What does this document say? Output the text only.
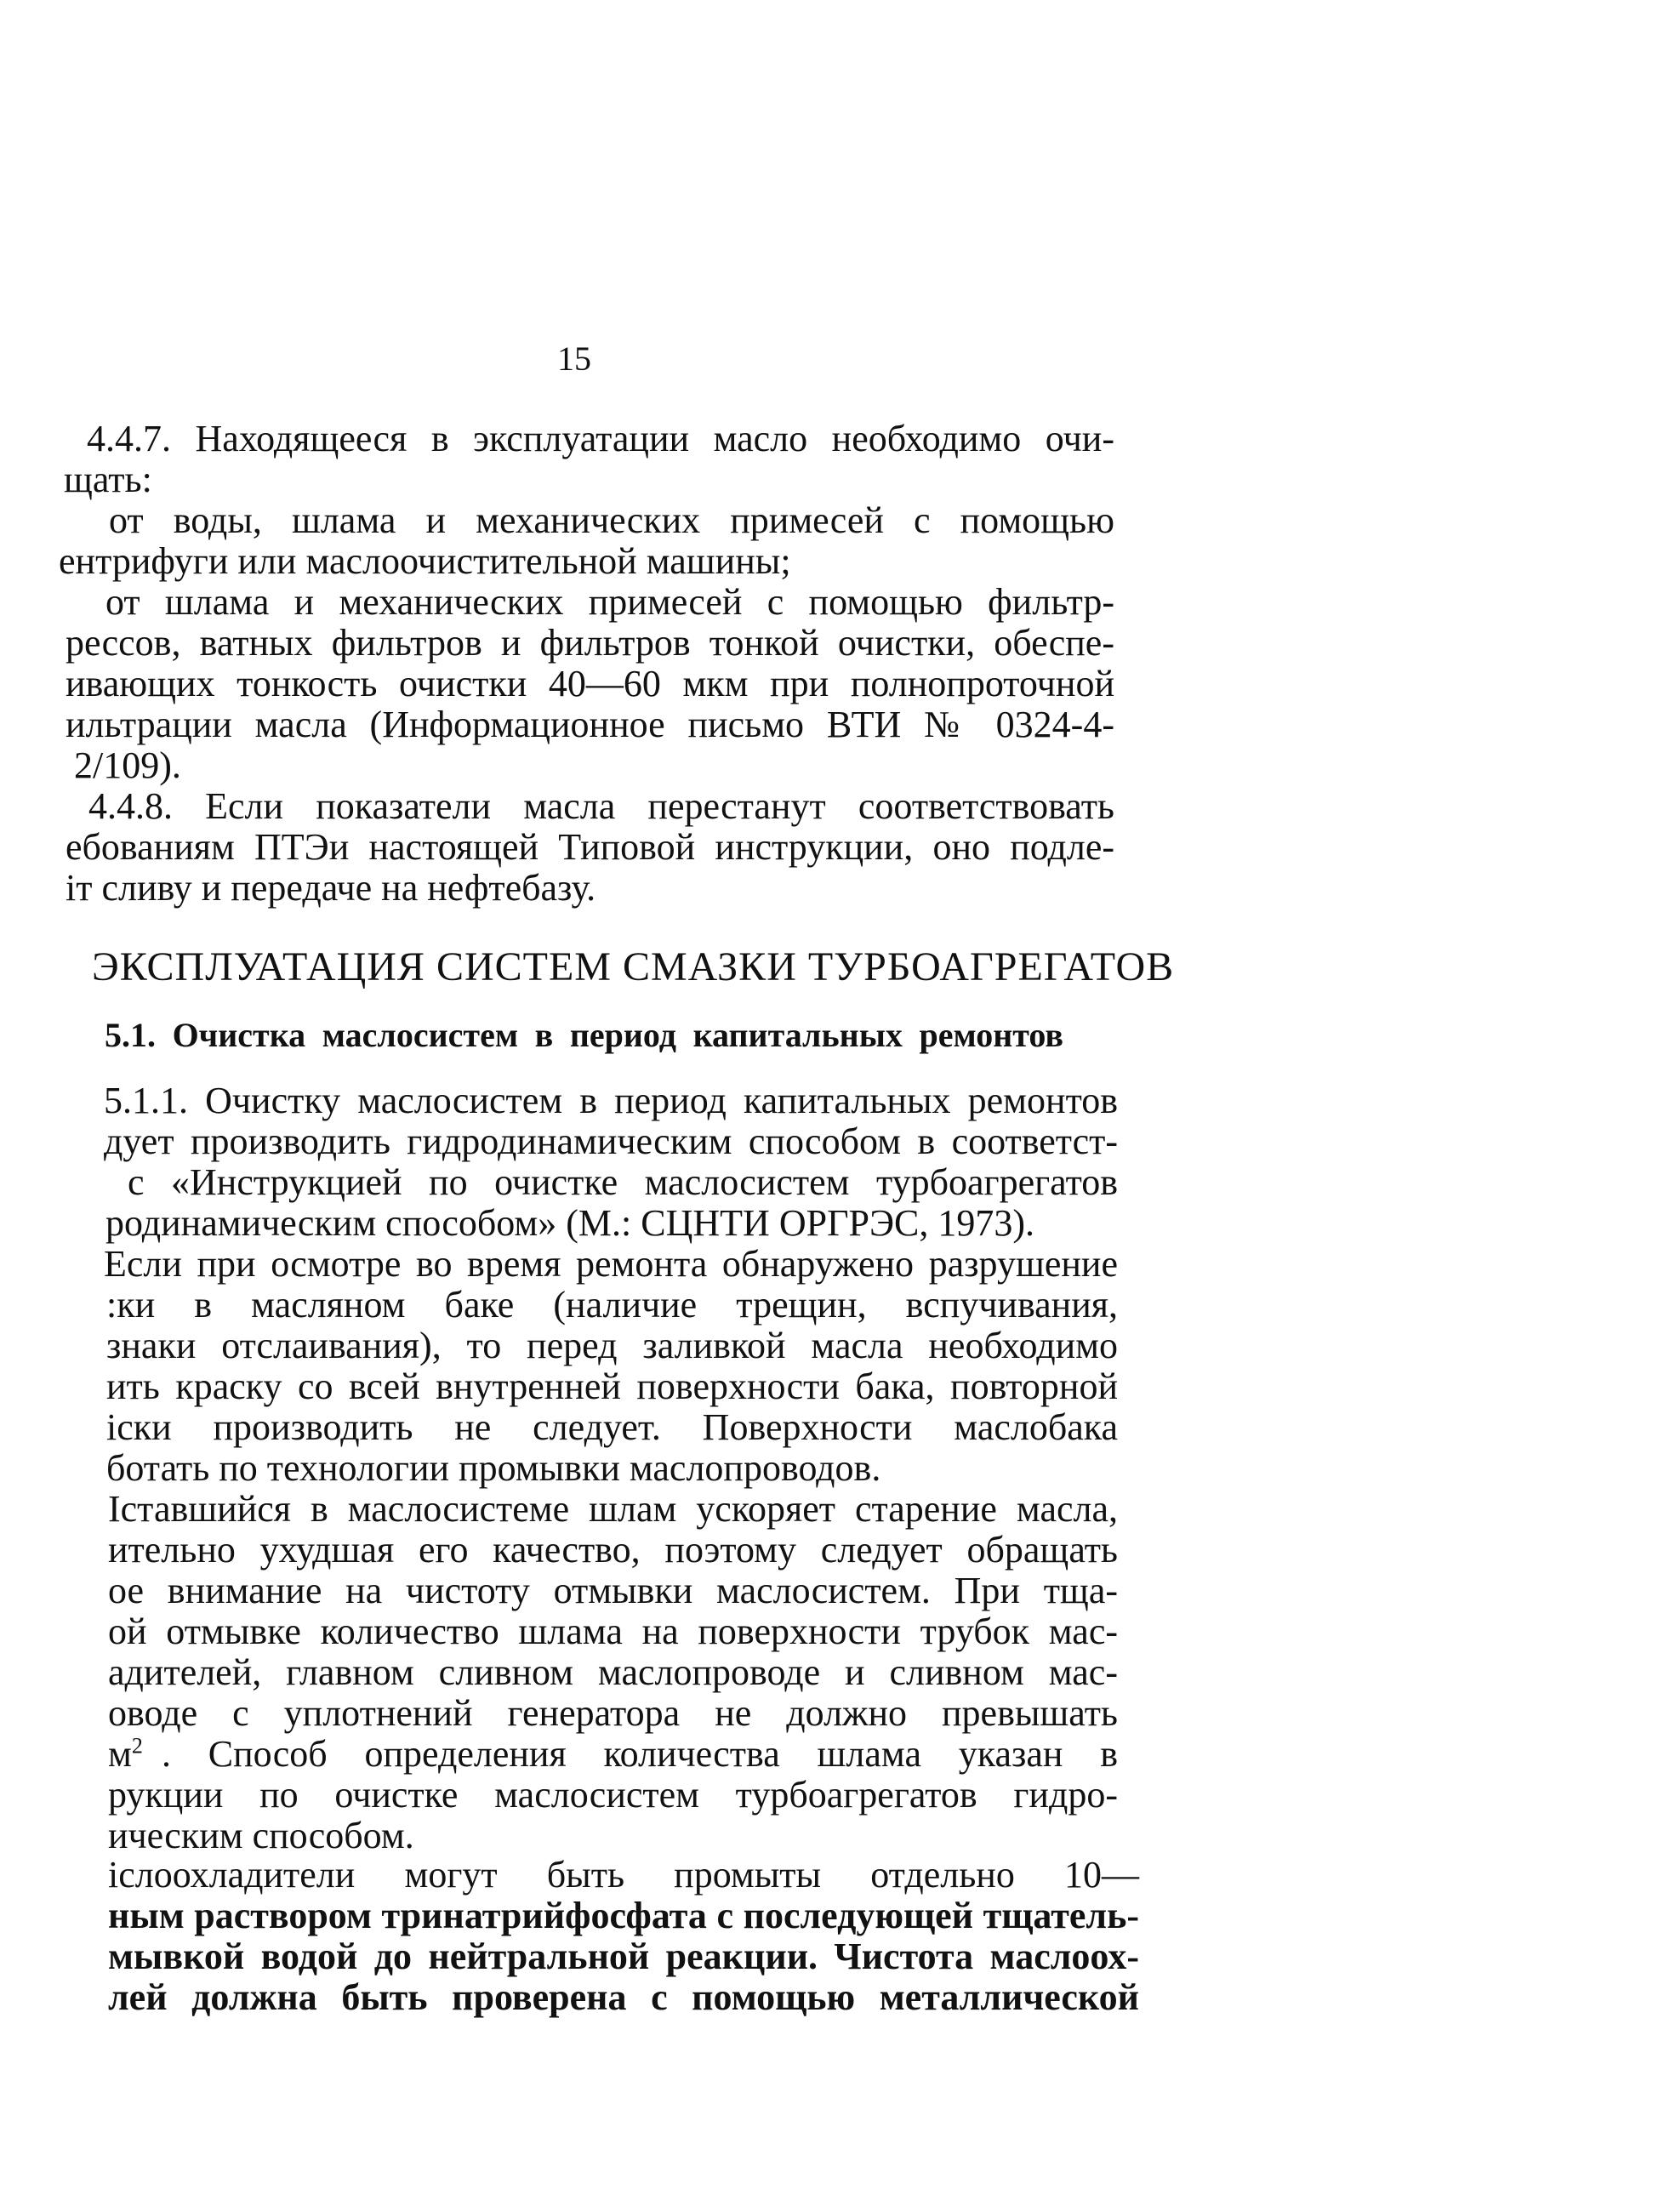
15
4.4.7. Находящееся в эксплуатации масло необходимо очи-
щать:
от воды, шлама и механических примесей с помощью
ентрифуги или маслоочистительной машины;
от шлама и механических примесей с помощью фильтр-
рессов, ватных фильтров и фильтров тонкой очистки, обеспе-
ивающих тонкость очистки 40—60 мкм при полнопроточной
ильтрации масла (Информационное письмо ВТИ № 0324-4-
2/109).
4.4.8. Если показатели масла перестанут соответствовать
ебованиям ПТЭи настоящей Типовой инструкции, оно подле-
іт сливу и передаче на нефтебазу.
ЭКСПЛУАТАЦИЯ СИСТЕМ СМАЗКИ ТУРБОАГРЕГАТОВ
5.1. Очистка маслосистем в период капитальных ремонтов
5.1.1. Очистку маслосистем в период капитальных ремонтов
дует производить гидродинамическим способом в соответст-
с «Инструкцией по очистке маслосистем турбоагрегатов
родинамическим способом» (М.: СЦНТИ ОРГРЭС, 1973).
Если при осмотре во время ремонта обнаружено разрушение
:ки в масляном баке (наличие трещин, вспучивания,
знаки отслаивания), то перед заливкой масла необходимо
ить краску со всей внутренней поверхности бака, повторной
іски производить не следует. Поверхности маслобака
ботать по технологии промывки маслопроводов.
Іставшийся в маслосистеме шлам ускоряет старение масла,
ительно ухудшая его качество, поэтому следует обращать
ое внимание на чистоту отмывки маслосистем. При тща-
ой отмывке количество шлама на поверхности трубок мас-
адителей, главном сливном маслопроводе и сливном мас-
оводе с уплотнений генератора не должно превышать
$м^2$ . Способ определения количества шлама указан в
рукции по очистке маслосистем турбоагрегатов гидро-
ическим способом.
іслоохладители могут быть промыты отдельно 10—
ным раствором тринатрийфосфата с последующей тщатель-
мывкой водой до нейтральной реакции. Чистота маслоох-
лей должна быть проверена с помощью металлической
